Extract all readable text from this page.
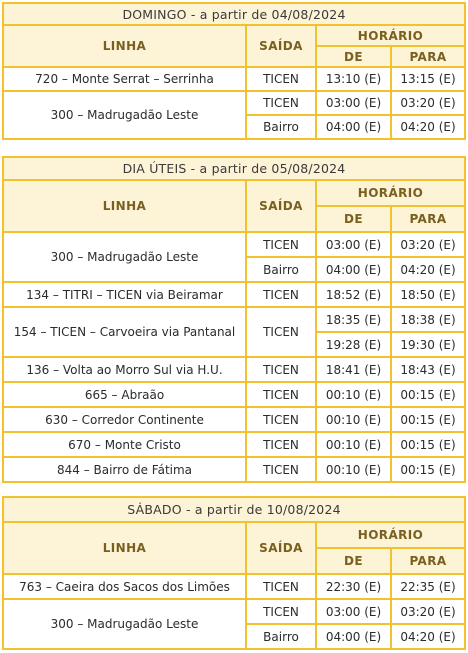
DOMINGO - a partir de 04/08/2024			
LINHA	SAÍDA	HORÁRIO	
		DE	PARA
720 – Monte Serrat – Serrinha	TICEN	13:10 (E)	13:15 (E)
300 – Madrugadão Leste	TICEN	03:00 (E)	03:20 (E)
	Bairro	04:00 (E)	04:20 (E)
DIA ÚTEIS - a partir de 05/08/2024			
LINHA	SAÍDA	HORÁRIO	
		DE	PARA
300 – Madrugadão Leste	TICEN	03:00 (E)	03:20 (E)
	Bairro	04:00 (E)	04:20 (E)
134 – TITRI – TICEN via Beiramar	TICEN	18:52 (E)	18:50 (E)
154 – TICEN – Carvoeira via Pantanal	TICEN	18:35 (E)	18:38 (E)
		19:28 (E)	19:30 (E)
136 – Volta ao Morro Sul via H.U.	TICEN	18:41 (E)	18:43 (E)
665 – Abraão	TICEN	00:10 (E)	00:15 (E)
630 – Corredor Continente	TICEN	00:10 (E)	00:15 (E)
670 – Monte Cristo	TICEN	00:10 (E)	00:15 (E)
844 – Bairro de Fátima	TICEN	00:10 (E)	00:15 (E)
SÁBADO - a partir de 10/08/2024			
LINHA	SAÍDA	HORÁRIO	
		DE	PARA
763 – Caeira dos Sacos dos Limões	TICEN	22:30 (E)	22:35 (E)
300 – Madrugadão Leste	TICEN	03:00 (E)	03:20 (E)
	Bairro	04:00 (E)	04:20 (E)
